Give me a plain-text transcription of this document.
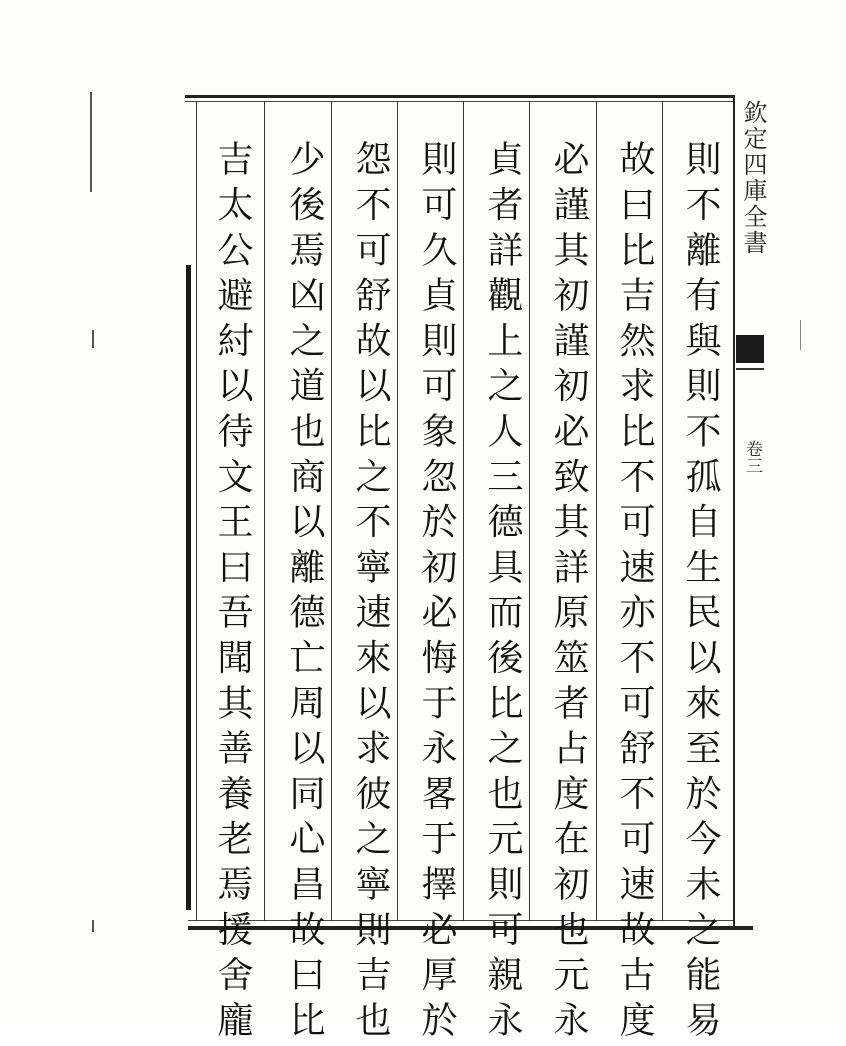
則不離有與則不孤自生民以來至於今未之能易
故曰比吉然求比不可速亦不可舒不可速故古度
必謹其初謹初必致其詳原筮者占度在初也元永
貞者詳觀上之人三德具而後比之也元則可親永
則可久貞則可象忽於初必悔于永畧于擇必厚於
怨不可舒故以比之不寧速來以求彼之寧則吉也
少後焉凶之道也商以離德亡周以同心昌故曰比
吉太公避紂以待文王曰吾聞其善養老焉援舍龐	欽定四庫全書
卷三
